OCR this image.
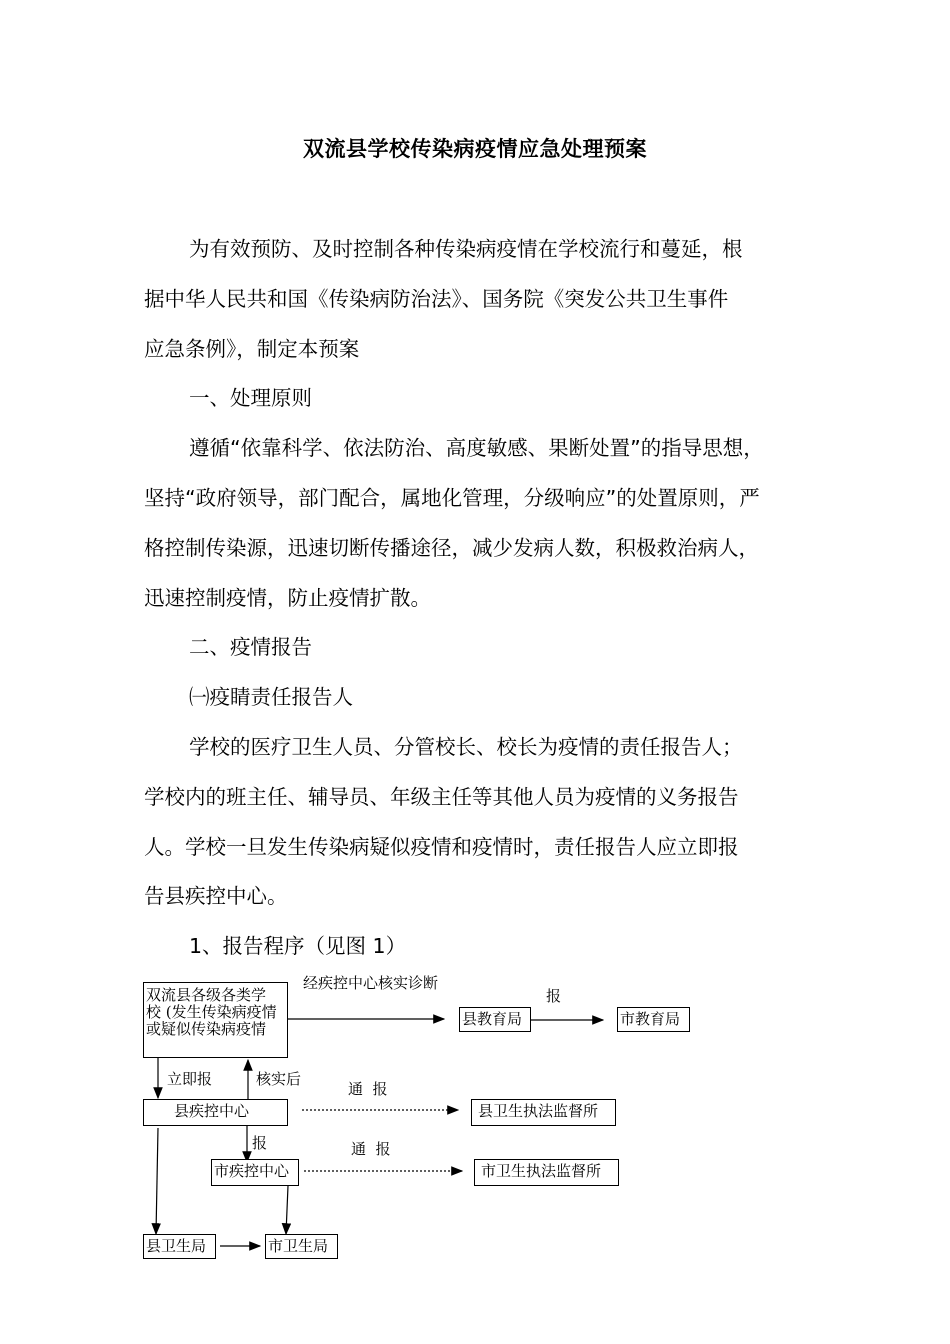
双流县学校传染病疫情应急处理预案
为有效预防、及时控制各种传染病疫情在学校流行和蔓延，根
据中华人民共和国《传染病防治法》、国务院《突发公共卫生事件
应急条例》，制定本预案
一、处理原则
遵循“依靠科学、依法防治、高度敏感、果断处置”的指导思想，
坚持“政府领导，部门配合，属地化管理，分级响应”的处置原则，严
格控制传染源，迅速切断传播途径，减少发病人数，积极救治病人，
迅速控制疫情，防止疫情扩散。
二、疫情报告
㈠疫睛责任报告人
学校的医疗卫生人员、分管校长、校长为疫情的责任报告人；
学校内的班主任、辅导员、年级主任等其他人员为疫情的义务报告
人。学校一旦发生传染病疑似疫情和疫情时，责任报告人应立即报
告县疾控中心。
1、报告程序（见图 1）
双流县各级各类学
校 (发生传染病疫情
或疑似传染病疫情
县教育局	市教育局
县疾控中心	县卫生执法监督所
市疾控中心	市卫生执法监督所
县卫生局	市卫生局
经疾控中心核实诊断
报
立即报	核实后
通  报
报	通  报
